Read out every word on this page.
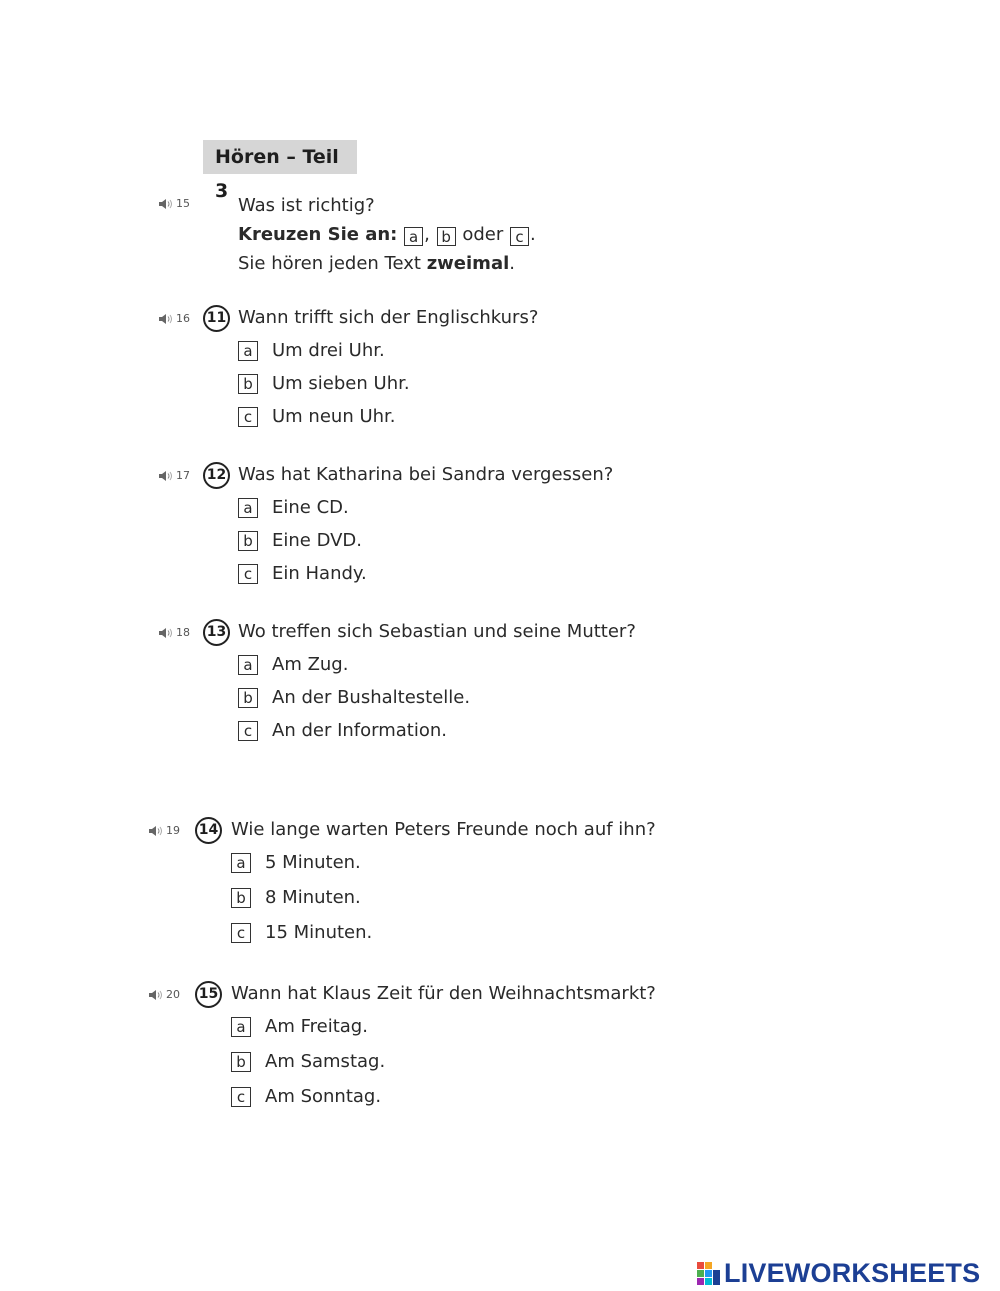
Hören – Teil 3
15	Was ist richtig?
Kreuzen Sie an: a , b oder c .
Sie hören jeden Text zweimal.
16 11 Wann trifft sich der Englischkurs?
a	Um drei Uhr.
b Um sieben Uhr.
c	Um neun Uhr.
17 12 Was hat Katharina bei Sandra vergessen?
a	Eine CD.
b Eine DVD.
c	Ein Handy.
18 13 Wo treffen sich Sebastian und seine Mutter?
a	Am Zug.
b An der Bushaltestelle.
c	An der Information.
19 14 Wie lange warten Peters Freunde noch auf ihn?
a	5 Minuten.
b 8 Minuten.
c	15 Minuten.
20 15 Wann hat Klaus Zeit für den Weihnachtsmarkt?
a	Am Freitag.
b Am Samstag.
c	Am Sonntag.
LIVEWORKSHEETS
